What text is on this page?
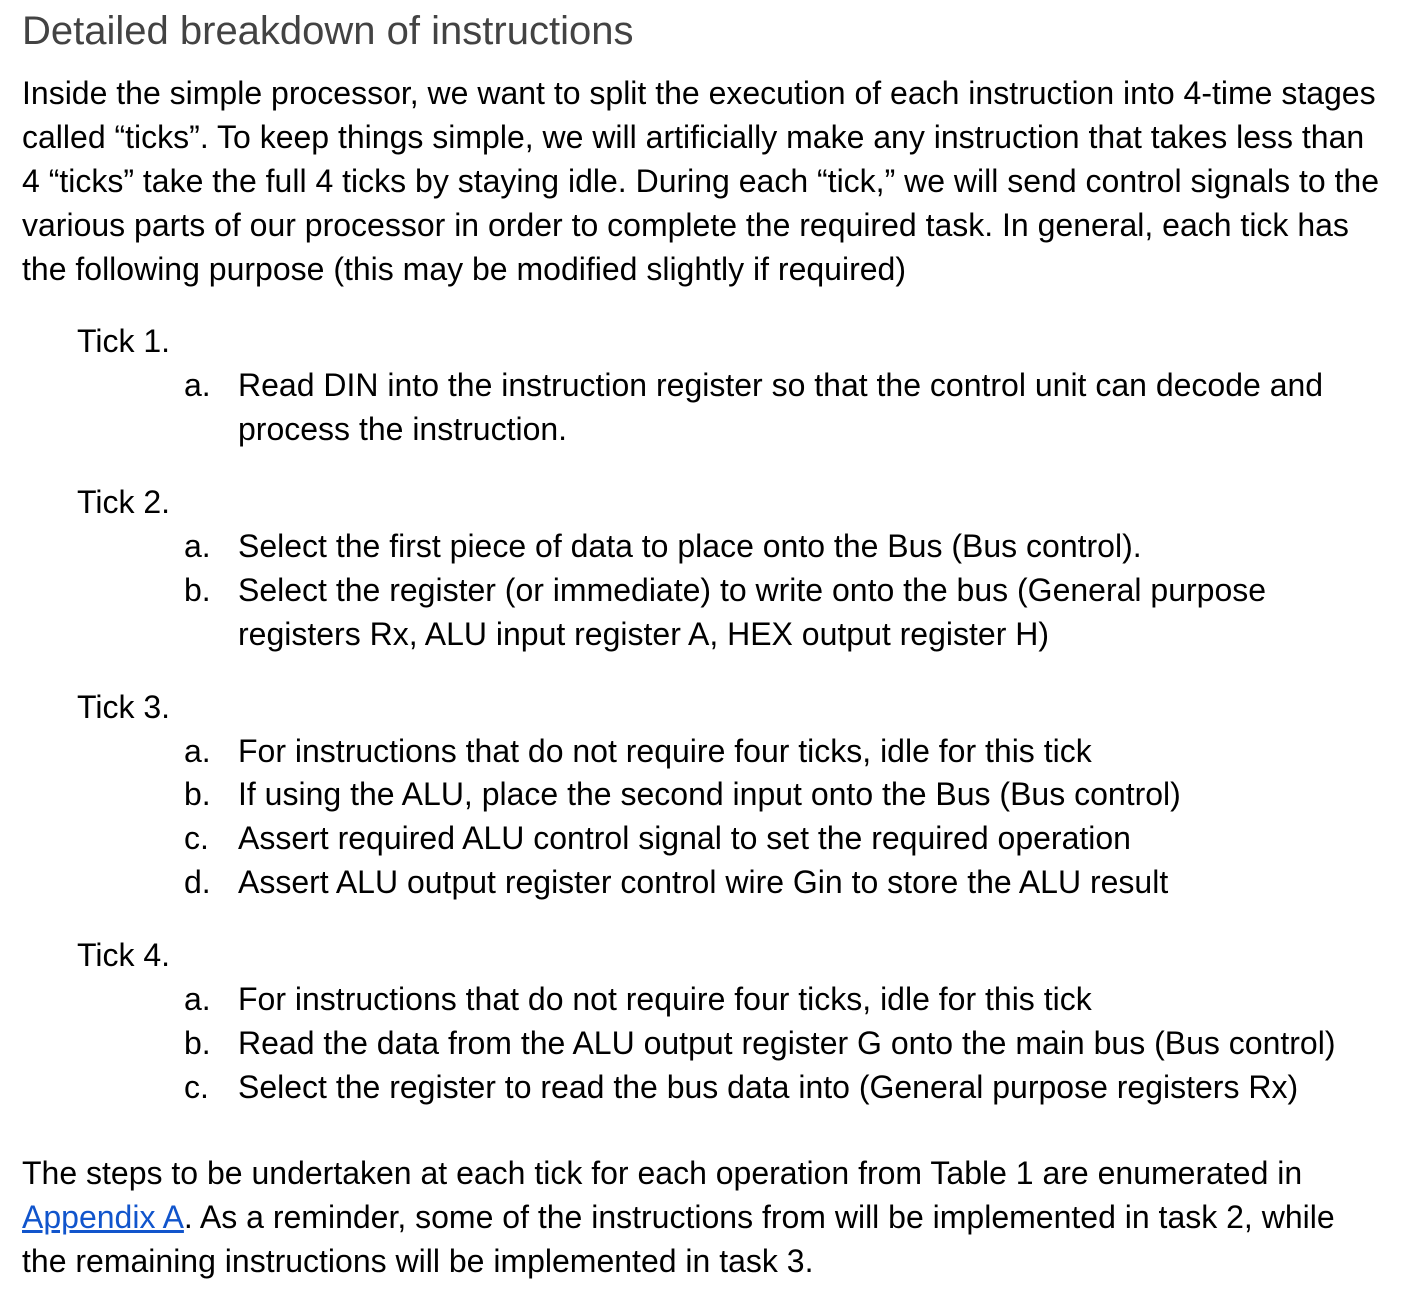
Detailed breakdown of instructions

Inside the simple processor, we want to split the execution of each instruction into 4-time stages called “ticks”. To keep things simple, we will artificially make any instruction that takes less than 4 “ticks” take the full 4 ticks by staying idle. During each “tick,” we will send control signals to the various parts of our processor in order to complete the required task. In general, each tick has the following purpose (this may be modified slightly if required)

Tick 1.

a. Read DIN into the instruction register so that the control unit can decode and process the instruction.

Tick 2.

a. Select the first piece of data to place onto the Bus (Bus control).
b. Select the register (or immediate) to write onto the bus (General purpose registers Rx, ALU input register A, HEX output register H)

Tick 3.

a. For instructions that do not require four ticks, idle for this tick
b. If using the ALU, place the second input onto the Bus (Bus control)
c. Assert required ALU control signal to set the required operation
d. Assert ALU output register control wire Gin to store the ALU result

Tick 4.

a. For instructions that do not require four ticks, idle for this tick
b. Read the data from the ALU output register G onto the main bus (Bus control)
c. Select the register to read the bus data into (General purpose registers Rx)

The steps to be undertaken at each tick for each operation from Table 1 are enumerated in Appendix A. As a reminder, some of the instructions from will be implemented in task 2, while the remaining instructions will be implemented in task 3.
